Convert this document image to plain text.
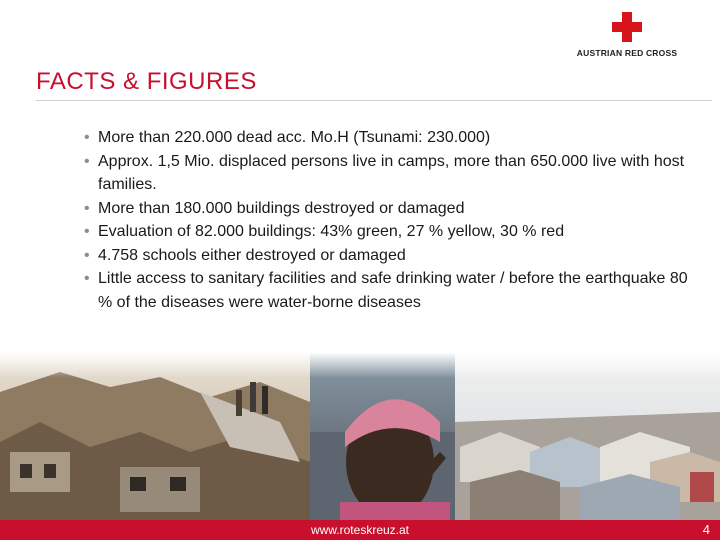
AUSTRIAN RED CROSS
FACTS & FIGURES
• More than 220.000 dead acc. Mo.H (Tsunami: 230.000)
• Approx. 1,5 Mio. displaced persons live in camps, more than 650.000 live with host families.
• More than 180.000 buildings destroyed or damaged
• Evaluation of 82.000 buildings: 43% green, 27 % yellow, 30 % red
• 4.758 schools either destroyed or damaged
• Little access to sanitary facilities and safe drinking water / before the earthquake 80 % of the diseases were water-borne diseases
www.roteskreuz.at	4
